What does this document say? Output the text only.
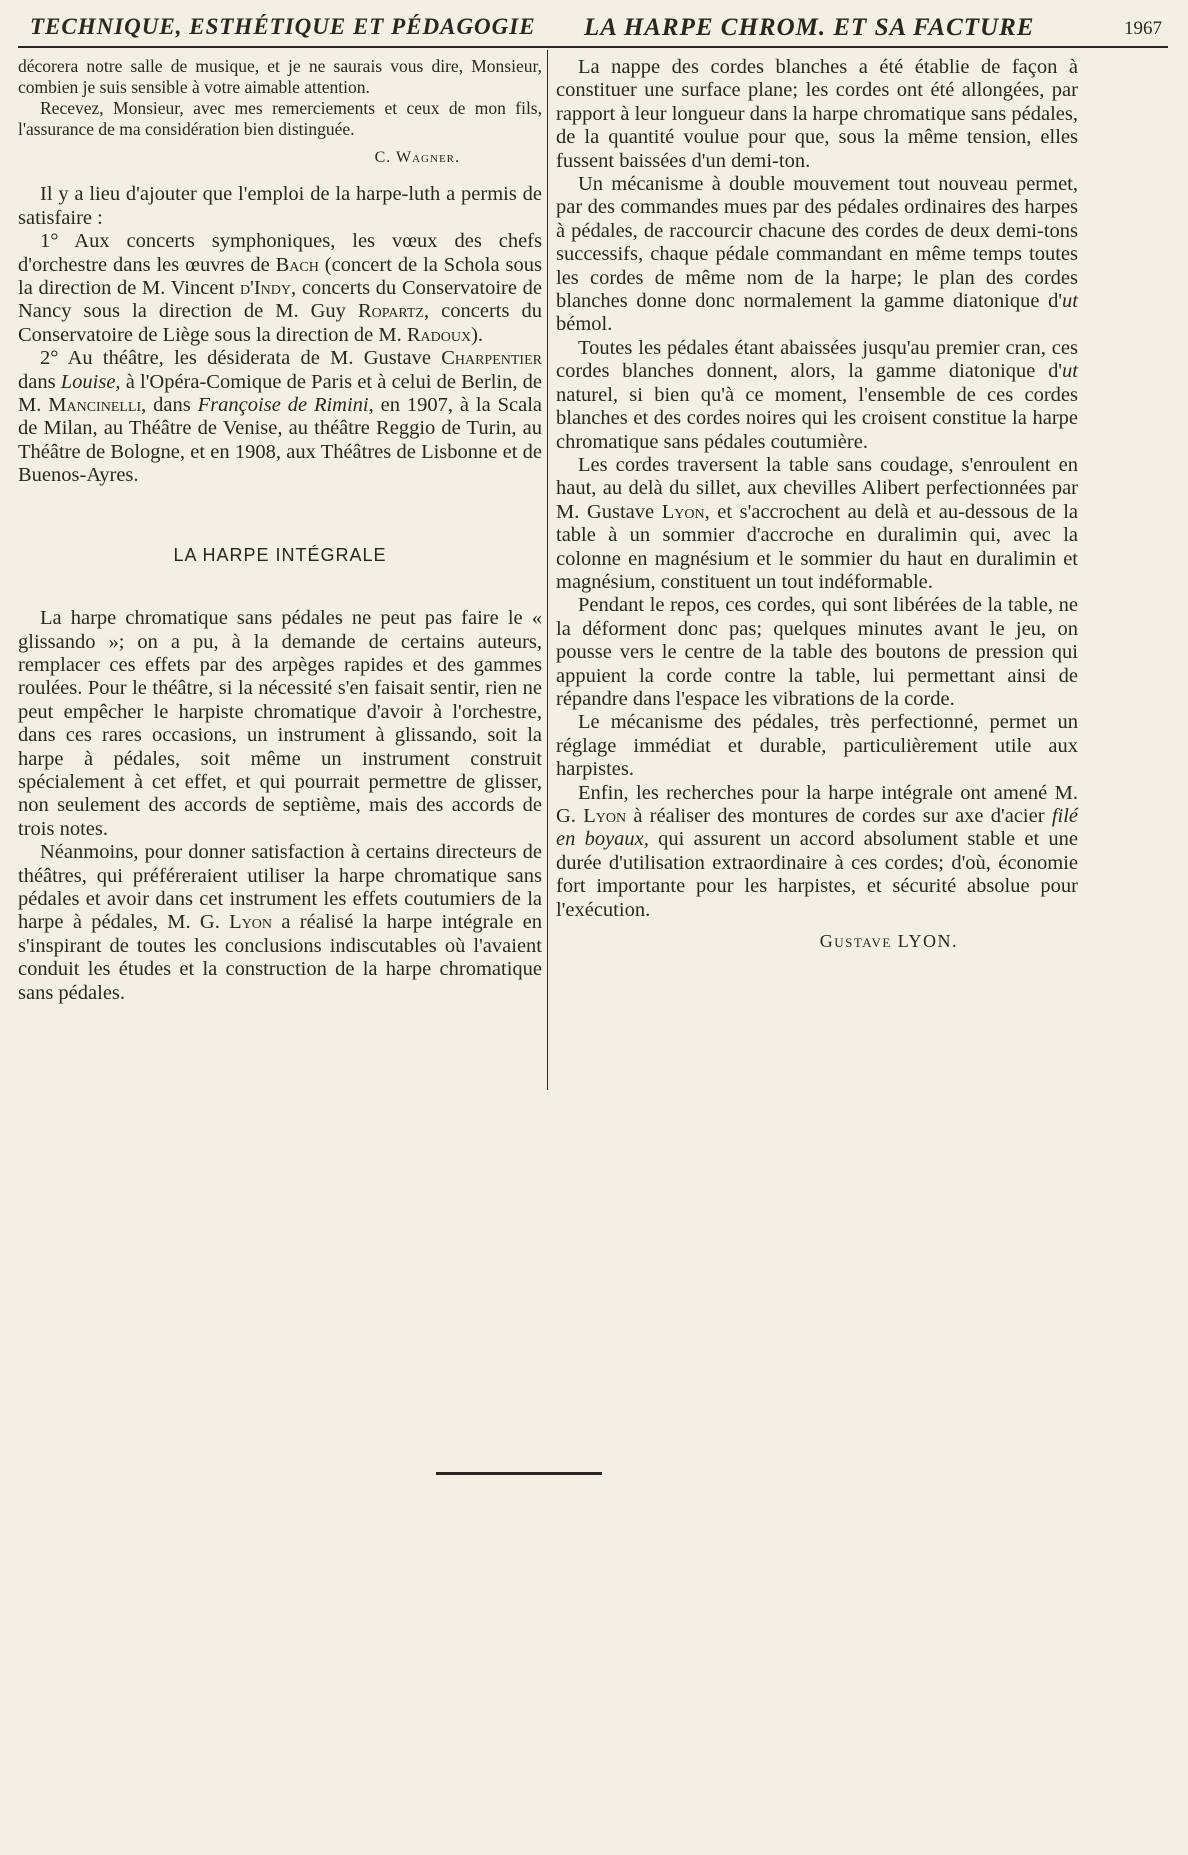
TECHNIQUE, ESTHÉTIQUE ET PÉDAGOGIE LA HARPE CHROM. ET SA FACTURE	1967

décorera notre salle de musique, et je ne saurais vous dire, Monsieur, combien je suis sensible à votre aimable attention.

Recevez, Monsieur, avec mes remerciements et ceux de mon fils, l'assurance de ma considération bien distinguée.

C. Wagner.

Il y a lieu d'ajouter que l'emploi de la harpe-luth a permis de satisfaire :

1° Aux concerts symphoniques, les vœux des chefs d'orchestre dans les œuvres de Bach (concert de la Schola sous la direction de M. Vincent d'Indy, concerts du Conservatoire de Nancy sous la direction de M. Guy Ropartz, concerts du Conservatoire de Liège sous la direction de M. Radoux).

2° Au théâtre, les désiderata de M. Gustave Charpentier dans Louise, à l'Opéra-Comique de Paris et à celui de Berlin, de M. Mancinelli, dans Françoise de Rimini, en 1907, à la Scala de Milan, au Théâtre de Venise, au théâtre Reggio de Turin, au Théâtre de Bologne, et en 1908, aux Théâtres de Lisbonne et de Buenos-Ayres.

LA HARPE INTÉGRALE

La harpe chromatique sans pédales ne peut pas faire le « glissando »; on a pu, à la demande de certains auteurs, remplacer ces effets par des arpèges rapides et des gammes roulées. Pour le théâtre, si la nécessité s'en faisait sentir, rien ne peut empêcher le harpiste chromatique d'avoir à l'orchestre, dans ces rares occasions, un instrument à glissando, soit la harpe à pédales, soit même un instrument construit spécialement à cet effet, et qui pourrait permettre de glisser, non seulement des accords de septième, mais des accords de trois notes.

Néanmoins, pour donner satisfaction à certains directeurs de théâtres, qui préféreraient utiliser la harpe chromatique sans pédales et avoir dans cet instrument les effets coutumiers de la harpe à pédales, M. G. Lyon a réalisé la harpe intégrale en s'inspirant de toutes les conclusions indiscutables où l'avaient conduit les études et la construction de la harpe chromatique sans pédales.

La nappe des cordes blanches a été établie de façon à constituer une surface plane; les cordes ont été allongées, par rapport à leur longueur dans la harpe chromatique sans pédales, de la quantité voulue pour que, sous la même tension, elles fussent baissées d'un demi-ton.

Un mécanisme à double mouvement tout nouveau permet, par des commandes mues par des pédales ordinaires des harpes à pédales, de raccourcir chacune des cordes de deux demi-tons successifs, chaque pédale commandant en même temps toutes les cordes de même nom de la harpe; le plan des cordes blanches donne donc normalement la gamme diatonique d'ut bémol.

Toutes les pédales étant abaissées jusqu'au premier cran, ces cordes blanches donnent, alors, la gamme diatonique d'ut naturel, si bien qu'à ce moment, l'ensemble de ces cordes blanches et des cordes noires qui les croisent constitue la harpe chromatique sans pédales coutumière.

Les cordes traversent la table sans coudage, s'enroulent en haut, au delà du sillet, aux chevilles Alibert perfectionnées par M. Gustave Lyon, et s'accrochent au delà et au-dessous de la table à un sommier d'accroche en duralimin qui, avec la colonne en magnésium et le sommier du haut en duralimin et magnésium, constituent un tout indéformable.

Pendant le repos, ces cordes, qui sont libérées de la table, ne la déforment donc pas; quelques minutes avant le jeu, on pousse vers le centre de la table des boutons de pression qui appuient la corde contre la table, lui permettant ainsi de répandre dans l'espace les vibrations de la corde.

Le mécanisme des pédales, très perfectionné, permet un réglage immédiat et durable, particulièrement utile aux harpistes.

Enfin, les recherches pour la harpe intégrale ont amené M. G. Lyon à réaliser des montures de cordes sur axe d'acier filé en boyaux, qui assurent un accord absolument stable et une durée d'utilisation extraordinaire à ces cordes; d'où, économie fort importante pour les harpistes, et sécurité absolue pour l'exécution.

Gustave LYON.
